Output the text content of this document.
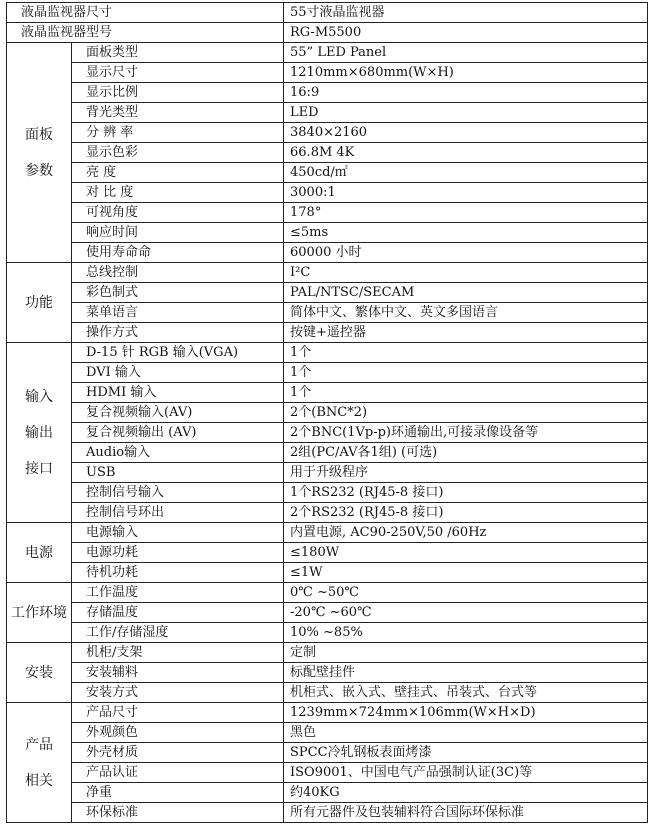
液晶监视器尺寸		55寸液晶监视器
液晶监视器型号		RG-M5500

面板
参数	面板类型	55” LED Panel
	显示尺寸	1210mm×680mm(W×H)
	显示比例	16:9
	背光类型	LED
	分 辨 率	3840×2160
	显示色彩	66.8M 4K
	亮 度	450cd/㎡
	对 比 度	3000:1
	可视角度	178°
	响应时间	≤5ms
	使用寿命命	60000 小时

功能	总线控制	I²C
	彩色制式	PAL/NTSC/SECAM
	菜单语言	简体中文、繁体中文、英文多国语言
	操作方式	按键+遥控器

输入
输出
接口	D-15 针 RGB 输入(VGA)	1个
	DVI 输入	1个
	HDMI 输入	1个
	复合视频输入(AV)	2个(BNC*2)
	复合视频输出 (AV)	2个BNC(1Vp-p)环通输出,可接录像设备等
	Audio输入	2组(PC/AV各1组) (可选)
	USB	用于升级程序
	控制信号输入	1个RS232 (RJ45-8 接口)
	控制信号环出	2个RS232 (RJ45-8 接口)

电源	电源输入	内置电源, AC90-250V,50 /60Hz
	电源功耗	≤180W
	待机功耗	≤1W

工作环境	工作温度	0℃ ~50℃
	存储温度	-20℃ ~60℃
	工作/存储湿度	10% ~85%

安装	机柜/支架	定制
	安装辅料	标配壁挂件
	安装方式	机柜式、嵌入式、壁挂式、吊装式、台式等

产品
相关	产品尺寸	1239mm×724mm×106mm(W×H×D)
	外观颜色	黑色
	外壳材质	SPCC冷轧钢板表面烤漆
	产品认证	ISO9001、中国电气产品强制认证(3C)等
	净重	约40KG
	环保标准	所有元器件及包装辅料符合国际环保标准
